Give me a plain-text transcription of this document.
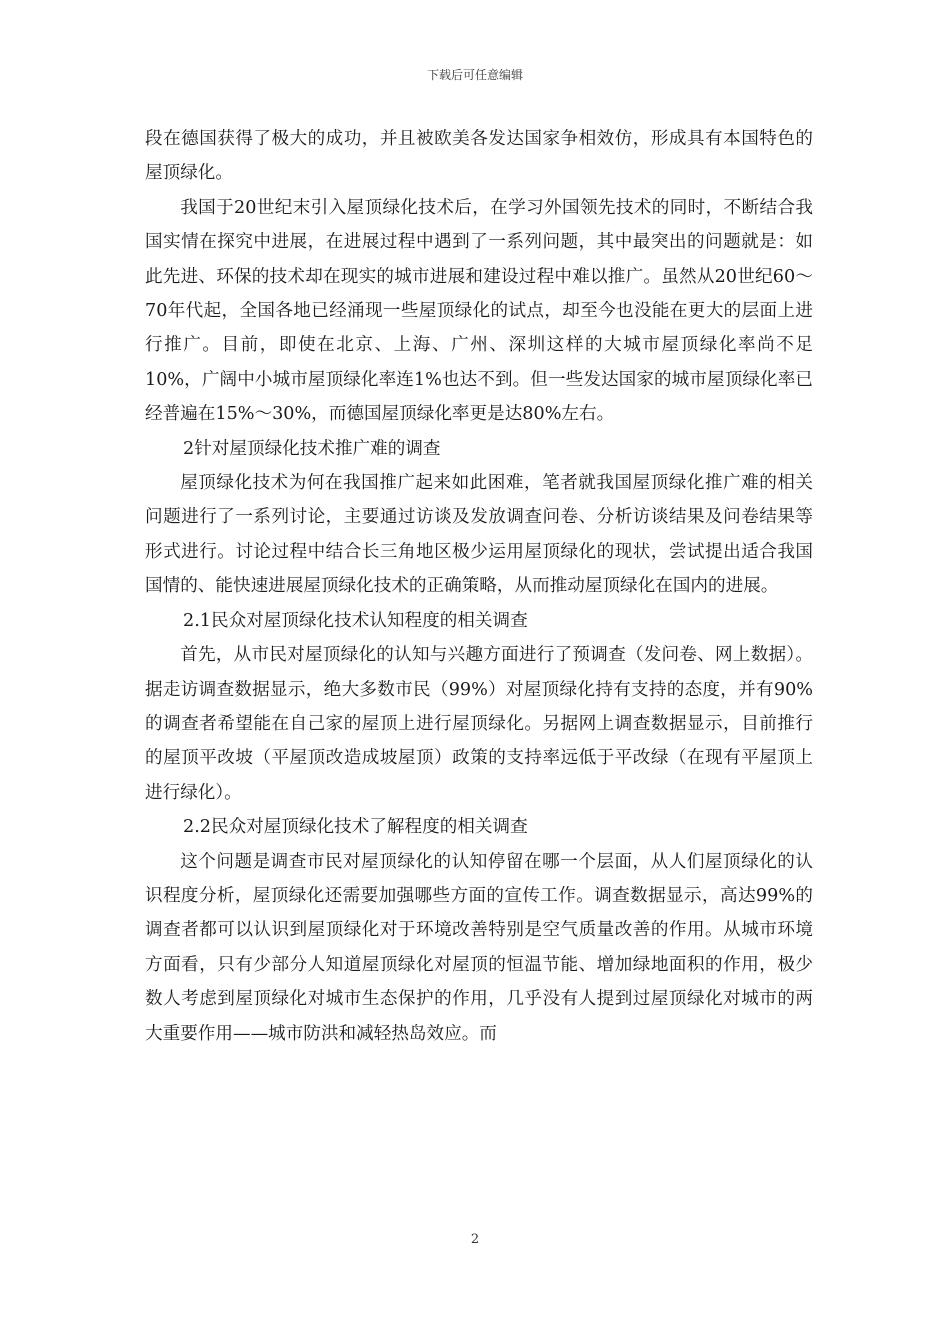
下载后可任意编辑

段在德国获得了极大的成功，并且被欧美各发达国家争相效仿，形成具有本国特色的屋顶绿化。

我国于20世纪末引入屋顶绿化技术后，在学习外国领先技术的同时，不断结合我国实情在探究中进展，在进展过程中遇到了一系列问题，其中最突出的问题就是：如此先进、环保的技术却在现实的城市进展和建设过程中难以推广。虽然从20世纪60～70年代起，全国各地已经涌现一些屋顶绿化的试点，却至今也没能在更大的层面上进行推广。目前，即使在北京、上海、广州、深圳这样的大城市屋顶绿化率尚不足10%，广阔中小城市屋顶绿化率连1%也达不到。但一些发达国家的城市屋顶绿化率已经普遍在15%～30%，而德国屋顶绿化率更是达80%左右。

2针对屋顶绿化技术推广难的调查

屋顶绿化技术为何在我国推广起来如此困难，笔者就我国屋顶绿化推广难的相关问题进行了一系列讨论，主要通过访谈及发放调查问卷、分析访谈结果及问卷结果等形式进行。讨论过程中结合长三角地区极少运用屋顶绿化的现状，尝试提出适合我国国情的、能快速进展屋顶绿化技术的正确策略，从而推动屋顶绿化在国内的进展。

2.1民众对屋顶绿化技术认知程度的相关调查

首先，从市民对屋顶绿化的认知与兴趣方面进行了预调查（发问卷、网上数据）。据走访调查数据显示，绝大多数市民（99%）对屋顶绿化持有支持的态度，并有90%的调查者希望能在自己家的屋顶上进行屋顶绿化。另据网上调查数据显示，目前推行的屋顶平改坡（平屋顶改造成坡屋顶）政策的支持率远低于平改绿（在现有平屋顶上进行绿化）。

2.2民众对屋顶绿化技术了解程度的相关调查

这个问题是调查市民对屋顶绿化的认知停留在哪一个层面，从人们屋顶绿化的认识程度分析，屋顶绿化还需要加强哪些方面的宣传工作。调查数据显示，高达99%的调查者都可以认识到屋顶绿化对于环境改善特别是空气质量改善的作用。从城市环境方面看，只有少部分人知道屋顶绿化对屋顶的恒温节能、增加绿地面积的作用，极少数人考虑到屋顶绿化对城市生态保护的作用，几乎没有人提到过屋顶绿化对城市的两大重要作用——城市防洪和减轻热岛效应。而

2
